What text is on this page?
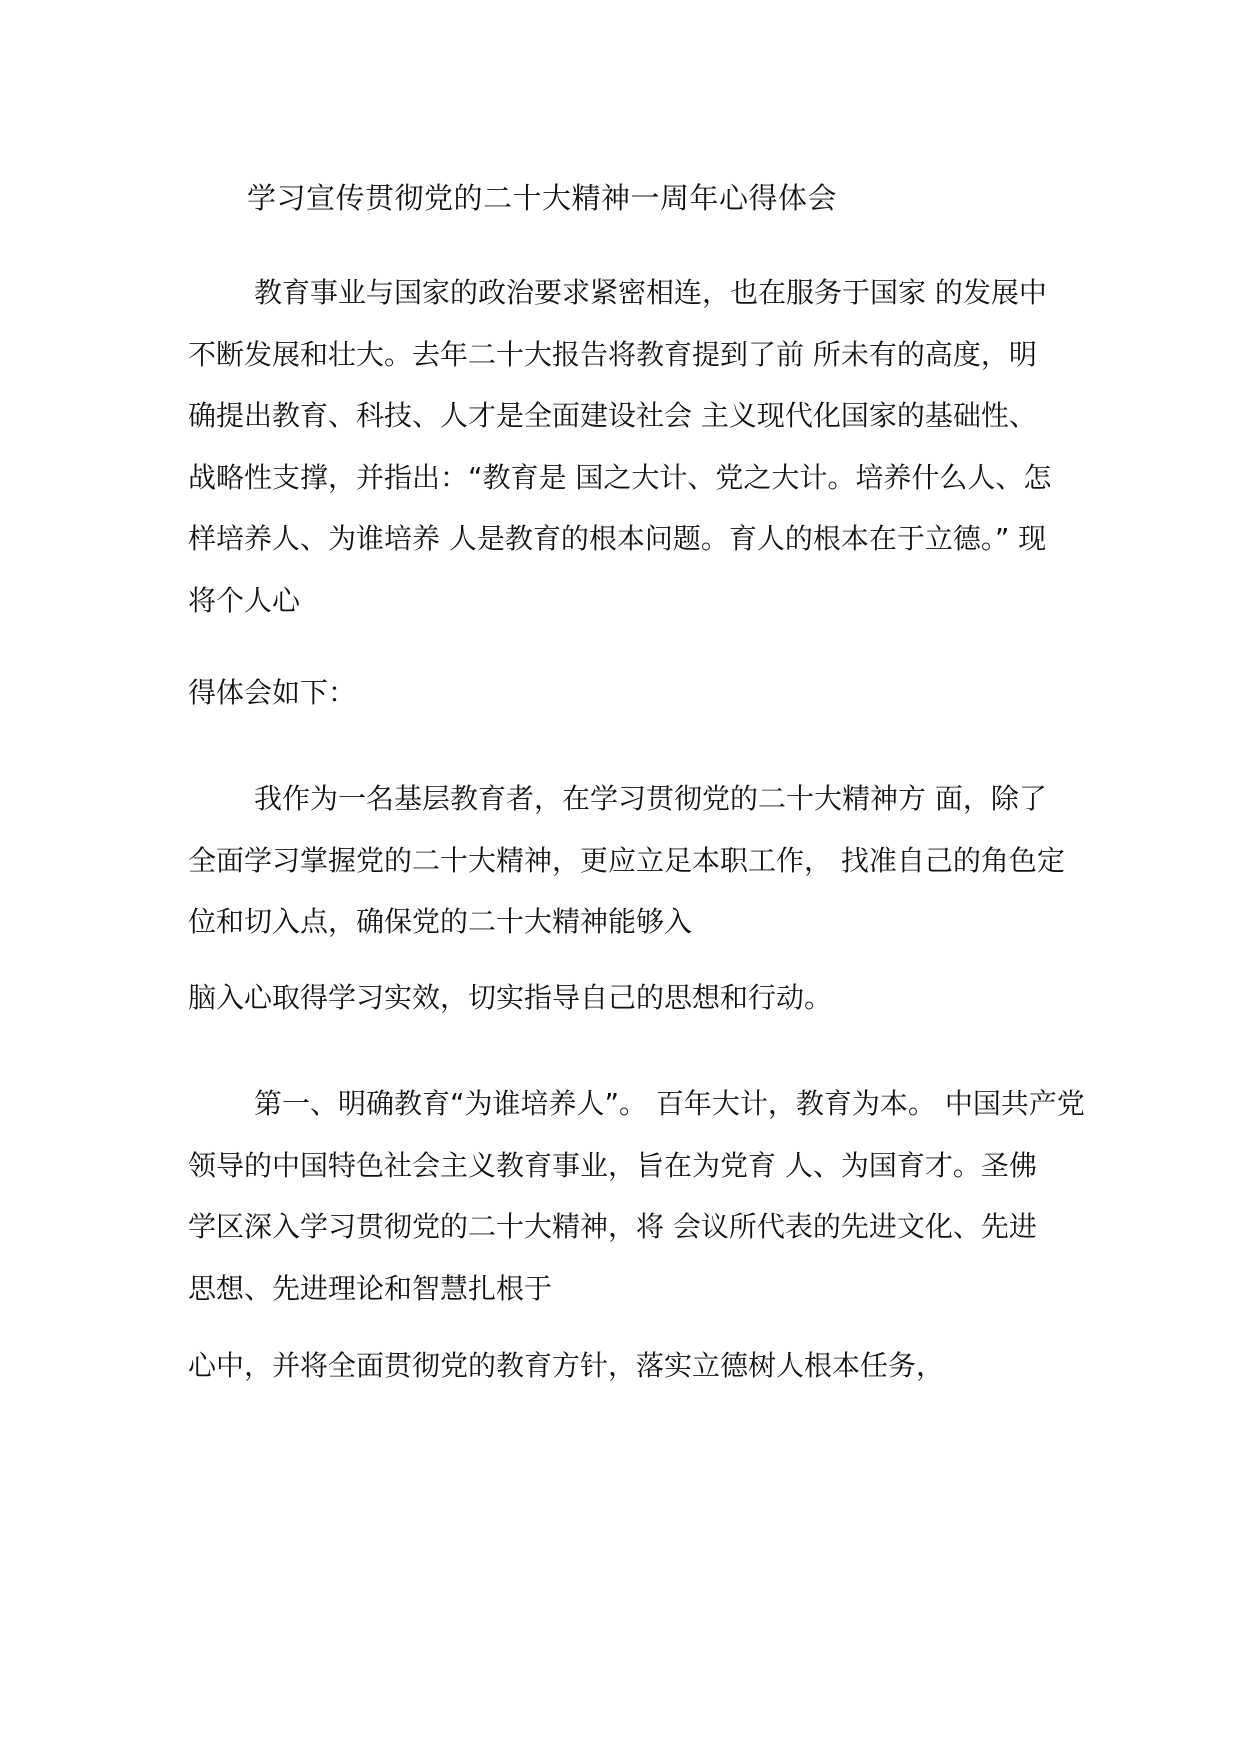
学习宣传贯彻党的二十大精神一周年心得体会

教育事业与国家的政治要求紧密相连，也在服务于国家 的发展中
不断发展和壮大。去年二十大报告将教育提到了前 所未有的高度，明
确提出教育、科技、人才是全面建设社会 主义现代化国家的基础性、
战略性支撑，并指出：“教育是 国之大计、党之大计。培养什么人、怎
样培养人、为谁培养 人是教育的根本问题。育人的根本在于立德。” 现
将个人心

得体会如下：

我作为一名基层教育者，在学习贯彻党的二十大精神方 面，除了
全面学习掌握党的二十大精神，更应立足本职工作， 找准自己的角色定
位和切入点，确保党的二十大精神能够入

脑入心取得学习实效，切实指导自己的思想和行动。

第一、明确教育“为谁培养人”。 百年大计，教育为本。 中国共产党
领导的中国特色社会主义教育事业，旨在为党育 人、为国育才。圣佛
学区深入学习贯彻党的二十大精神，将 会议所代表的先进文化、先进
思想、先进理论和智慧扎根于

心中，并将全面贯彻党的教育方针，落实立德树人根本任务，
